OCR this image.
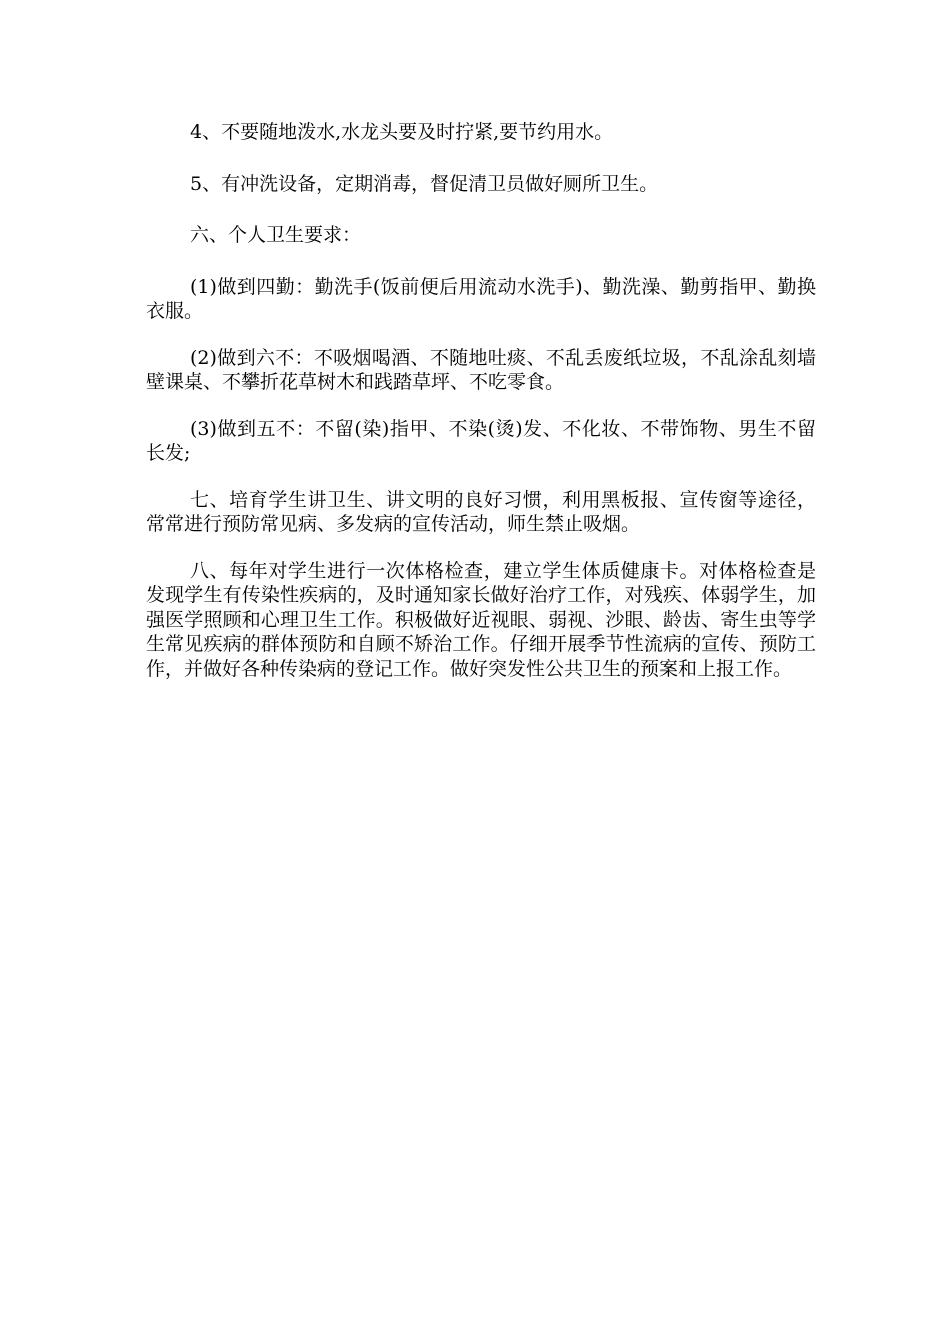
4、不要随地泼水,水龙头要及时拧紧,要节约用水。

5、有冲洗设备，定期消毒，督促清卫员做好厕所卫生。

六、个人卫生要求：

(1)做到四勤：勤洗手(饭前便后用流动水洗手)、勤洗澡、勤剪指甲、勤换衣服。

(2)做到六不：不吸烟喝酒、不随地吐痰、不乱丢废纸垃圾，不乱涂乱刻墙壁课桌、不攀折花草树木和践踏草坪、不吃零食。

(3)做到五不：不留(染)指甲、不染(烫)发、不化妆、不带饰物、男生不留长发;

七、培育学生讲卫生、讲文明的良好习惯，利用黑板报、宣传窗等途径，常常进行预防常见病、多发病的宣传活动，师生禁止吸烟。

八、每年对学生进行一次体格检查，建立学生体质健康卡。对体格检查是发现学生有传染性疾病的，及时通知家长做好治疗工作，对残疾、体弱学生，加强医学照顾和心理卫生工作。积极做好近视眼、弱视、沙眼、龄齿、寄生虫等学生常见疾病的群体预防和自顾不矫治工作。仔细开展季节性流病的宣传、预防工作，并做好各种传染病的登记工作。做好突发性公共卫生的预案和上报工作。
